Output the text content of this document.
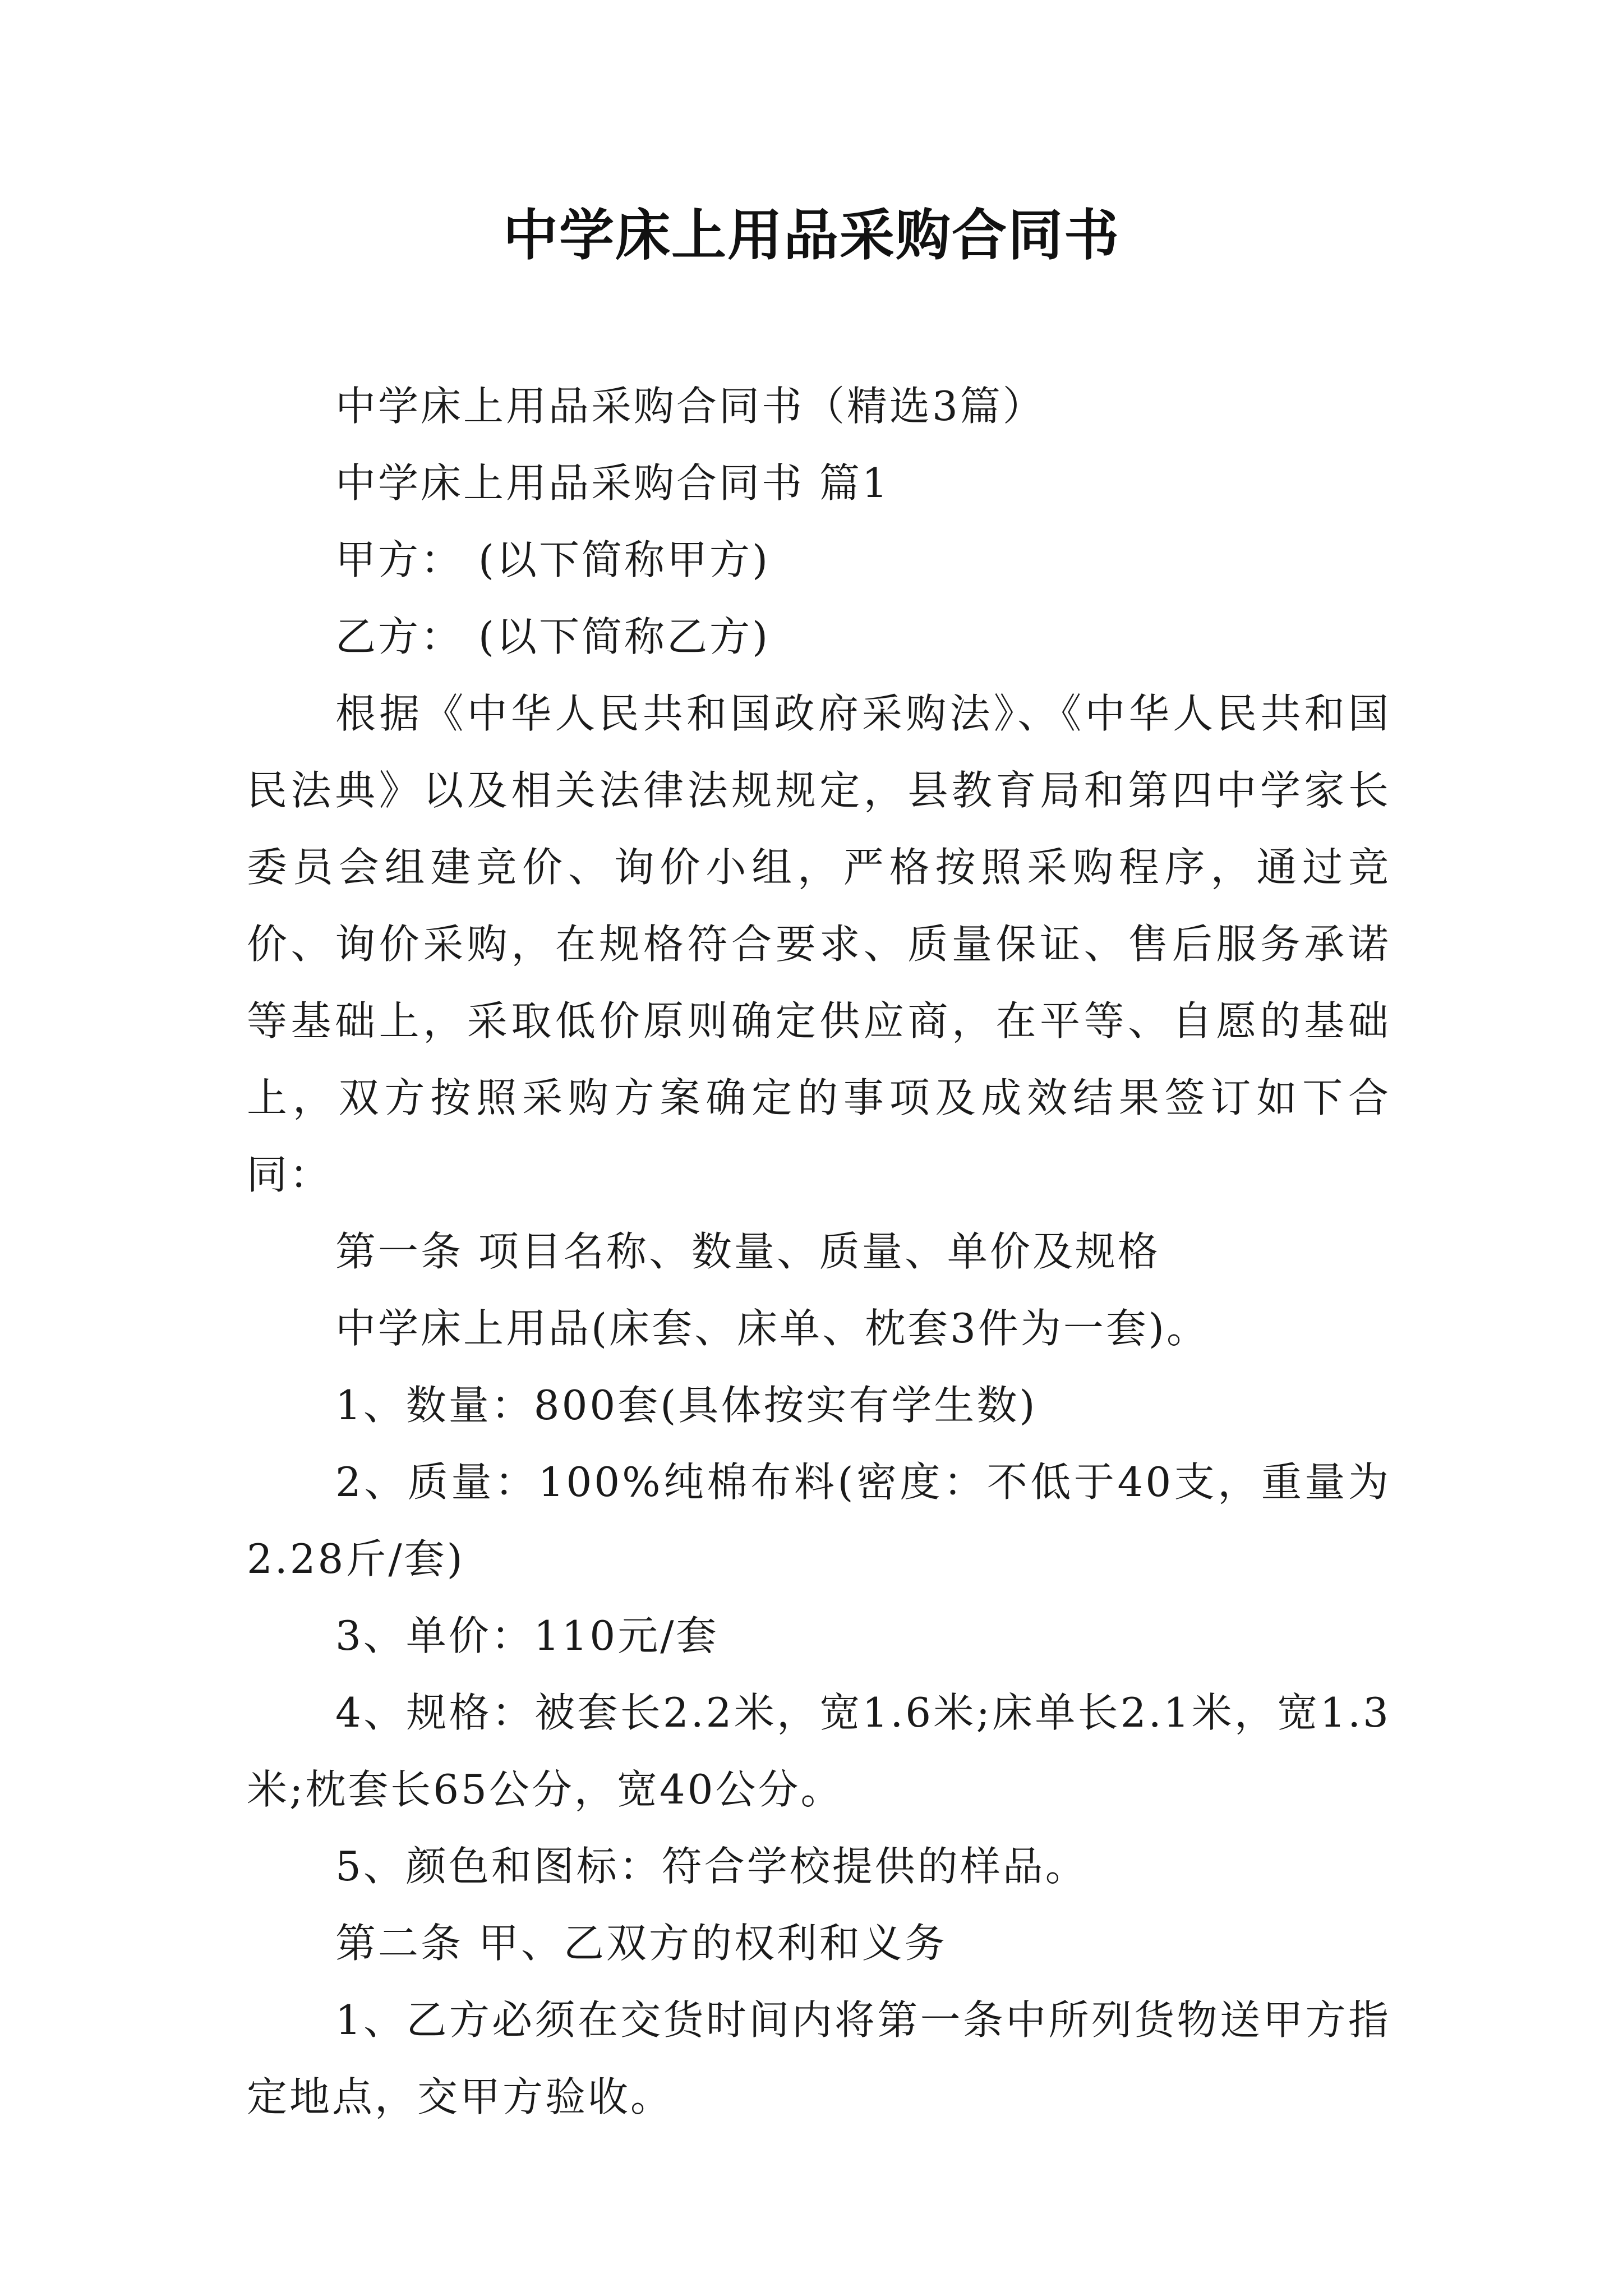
中学床上用品采购合同书

中学床上用品采购合同书（精选3篇）

中学床上用品采购合同书 篇1

甲方： (以下简称甲方)

乙方： (以下简称乙方)

根据《中华人民共和国政府采购法》、《中华人民共和国民法典》以及相关法律法规规定，县教育局和第四中学家长委员会组建竞价、询价小组，严格按照采购程序，通过竞价、询价采购，在规格符合要求、质量保证、售后服务承诺等基础上，采取低价原则确定供应商，在平等、自愿的基础上，双方按照采购方案确定的事项及成效结果签订如下合同：

第一条 项目名称、数量、质量、单价及规格

中学床上用品(床套、床单、枕套3件为一套)。

1、数量：800套(具体按实有学生数)

2、质量：100%纯棉布料(密度：不低于40支，重量为2.28斤/套)

3、单价：110元/套

4、规格：被套长2.2米，宽1.6米;床单长2.1米，宽1.3米;枕套长65公分，宽40公分。

5、颜色和图标：符合学校提供的样品。

第二条 甲、乙双方的权利和义务

1、乙方必须在交货时间内将第一条中所列货物送甲方指定地点，交甲方验收。
